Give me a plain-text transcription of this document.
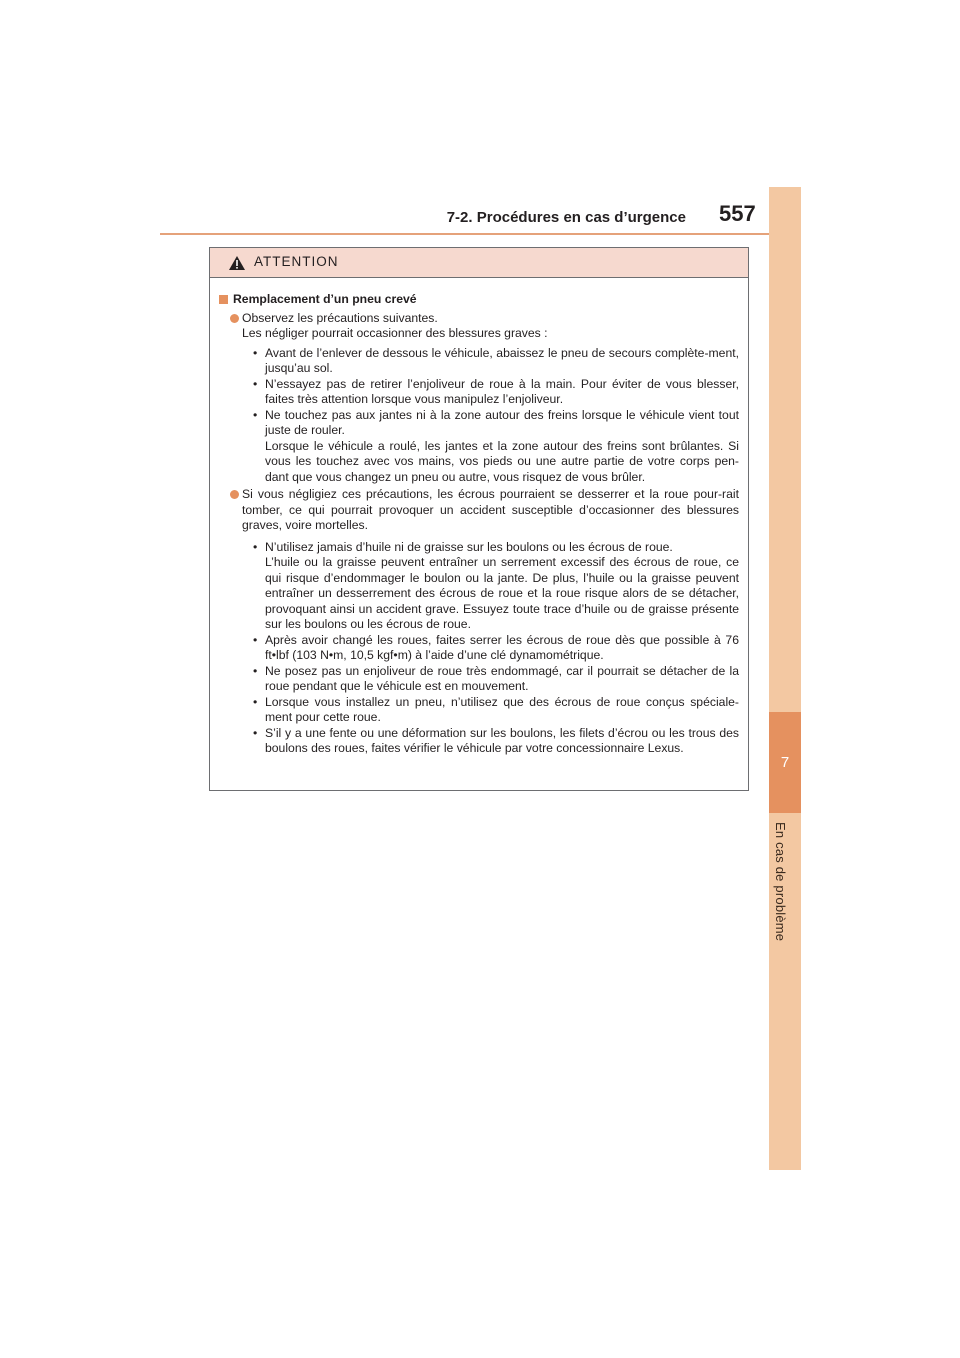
7-2. Procédures en cas d’urgence 557
7
En cas de problème
ATTENTION
Remplacement d’un pneu crevé
Observez les précautions suivantes.
Les négliger pourrait occasionner des blessures graves :
• Avant de l’enlever de dessous le véhicule, abaissez le pneu de secours complète-ment, jusqu’au sol.
• N’essayez pas de retirer l’enjoliveur de roue à la main. Pour éviter de vous blesser, faites très attention lorsque vous manipulez l’enjoliveur.
• Ne touchez pas aux jantes ni à la zone autour des freins lorsque le véhicule vient tout juste de rouler.
Lorsque le véhicule a roulé, les jantes et la zone autour des freins sont brûlantes. Si vous les touchez avec vos mains, vos pieds ou une autre partie de votre corps pen-dant que vous changez un pneu ou autre, vous risquez de vous brûler.
Si vous négligiez ces précautions, les écrous pourraient se desserrer et la roue pour-rait tomber, ce qui pourrait provoquer un accident susceptible d’occasionner des blessures graves, voire mortelles.
• N’utilisez jamais d’huile ni de graisse sur les boulons ou les écrous de roue.
L’huile ou la graisse peuvent entraîner un serrement excessif des écrous de roue, ce qui risque d’endommager le boulon ou la jante. De plus, l’huile ou la graisse peuvent entraîner un desserrement des écrous de roue et la roue risque alors de se détacher, provoquant ainsi un accident grave. Essuyez toute trace d’huile ou de graisse présente sur les boulons ou les écrous de roue.
• Après avoir changé les roues, faites serrer les écrous de roue dès que possible à 76 ft•lbf (103 N•m, 10,5 kgf•m) à l’aide d’une clé dynamométrique.
• Ne posez pas un enjoliveur de roue très endommagé, car il pourrait se détacher de la roue pendant que le véhicule est en mouvement.
• Lorsque vous installez un pneu, n’utilisez que des écrous de roue conçus spéciale-ment pour cette roue.
• S’il y a une fente ou une déformation sur les boulons, les filets d’écrou ou les trous des boulons des roues, faites vérifier le véhicule par votre concessionnaire Lexus.
